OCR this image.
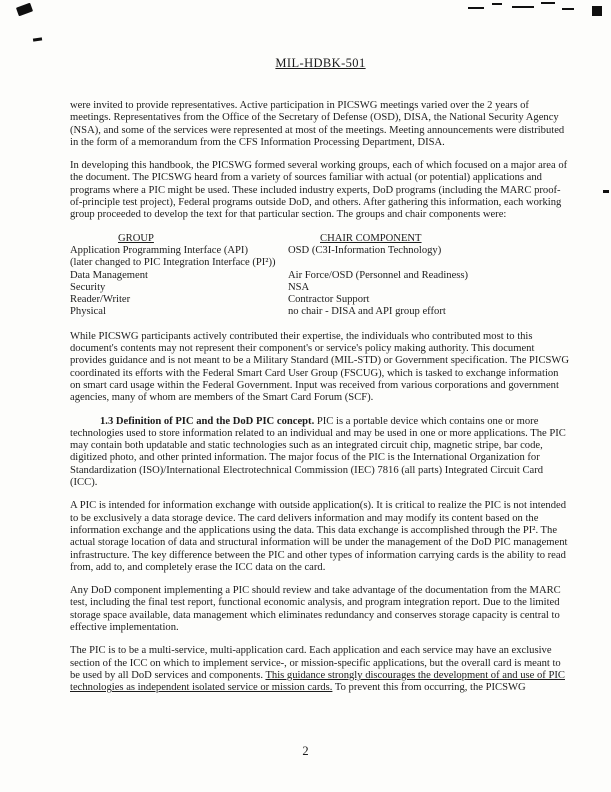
MIL-HDBK-501

were invited to provide representatives. Active participation in PICSWG meetings varied over the 2 years of meetings. Representatives from the Office of the Secretary of Defense (OSD), DISA, the National Security Agency (NSA), and some of the services were represented at most of the meetings. Meeting announcements were distributed in the form of a memorandum from the CFS Information Processing Department, DISA.

In developing this handbook, the PICSWG formed several working groups, each of which focused on a major area of the document. The PICSWG heard from a variety of sources familiar with actual (or potential) applications and programs where a PIC might be used. These included industry experts, DoD programs (including the MARC proof-of-principle test project), Federal programs outside DoD, and others. After gathering this information, each working group proceeded to develop the text for that particular section. The groups and chair components were:

GROUP	CHAIR COMPONENT
Application Programming Interface (API)	OSD (C3I-Information Technology)
(later changed to PIC Integration Interface (PI²))
Data Management	Air Force/OSD (Personnel and Readiness)
Security	NSA
Reader/Writer	Contractor Support
Physical	no chair - DISA and API group effort

While PICSWG participants actively contributed their expertise, the individuals who contributed most to this document's contents may not represent their component's or service's policy making authority. This document provides guidance and is not meant to be a Military Standard (MIL-STD) or Government specification. The PICSWG coordinated its efforts with the Federal Smart Card User Group (FSCUG), which is tasked to exchange information on smart card usage within the Federal Government. Input was received from various corporations and government agencies, many of whom are members of the Smart Card Forum (SCF).

1.3 Definition of PIC and the DoD PIC concept. PIC is a portable device which contains one or more technologies used to store information related to an individual and may be used in one or more applications. The PIC may contain both updatable and static technologies such as an integrated circuit chip, magnetic stripe, bar code, digitized photo, and other printed information. The major focus of the PIC is the International Organization for Standardization (ISO)/International Electrotechnical Commission (IEC) 7816 (all parts) Integrated Circuit Card (ICC).

A PIC is intended for information exchange with outside application(s). It is critical to realize the PIC is not intended to be exclusively a data storage device. The card delivers information and may modify its content based on the information exchange and the applications using the data. This data exchange is accomplished through the PI². The actual storage location of data and structural information will be under the management of the DoD PIC management infrastructure. The key difference between the PIC and other types of information carrying cards is the ability to read from, add to, and completely erase the ICC data on the card.

Any DoD component implementing a PIC should review and take advantage of the documentation from the MARC test, including the final test report, functional economic analysis, and program integration report. Due to the limited storage space available, data management which eliminates redundancy and conserves storage capacity is central to effective implementation.

The PIC is to be a multi-service, multi-application card. Each application and each service may have an exclusive section of the ICC on which to implement service-, or mission-specific applications, but the overall card is meant to be used by all DoD services and components. This guidance strongly discourages the development of and use of PIC technologies as independent isolated service or mission cards. To prevent this from occurring, the PICSWG

2
